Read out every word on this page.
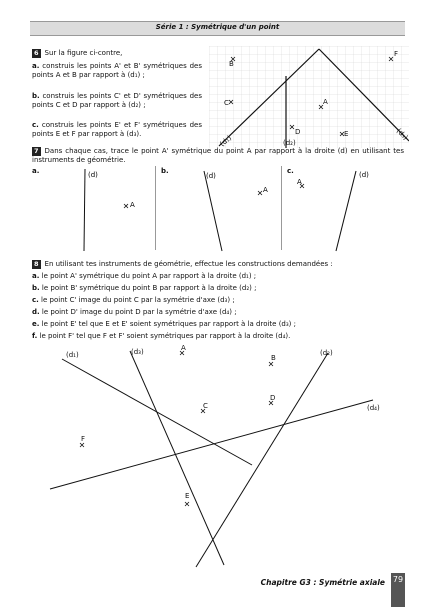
Série 1 : Symétrique d'un point
6 Sur la figure ci-contre,
a. construis les points A' et B' symétriques des points A et B par rapport à (d₁) ;
b. construis les points C' et D' symétriques des points C et D par rapport à (d₂) ;
c. construis les points E' et F' symétriques des points E et F par rapport à (d₃).
B
F
C	A
D	E
(d₁)	(d₂)
(d₃)
7 Dans chaque cas, trace le point A' symétrique du point A par rapport à la droite (d) en utilisant tes instruments de géométrie.
a.	b.	c.
(d)
A
(d)
A
(d)
A
8 En utilisant tes instruments de géométrie, effectue les constructions demandées :
a. le point A' symétrique du point A par rapport à la droite (d₁) ;
b. le point B' symétrique du point B par rapport à la droite (d₂) ;
c. le point C' image du point C par la symétrie d'axe (d₃) ;
d. le point D' image du point D par la symétrie d'axe (d₄) ;
e. le point E' tel que E et E' soient symétriques par rapport à la droite (d₃) ;
f. le point F' tel que F et F' soient symétriques par rapport à la droite (d₄).
(d₁)	(d₃)	(d₂)
(d₄)
A
B
C
D
E
F
Chapitre G3 : Symétrie axiale 79
